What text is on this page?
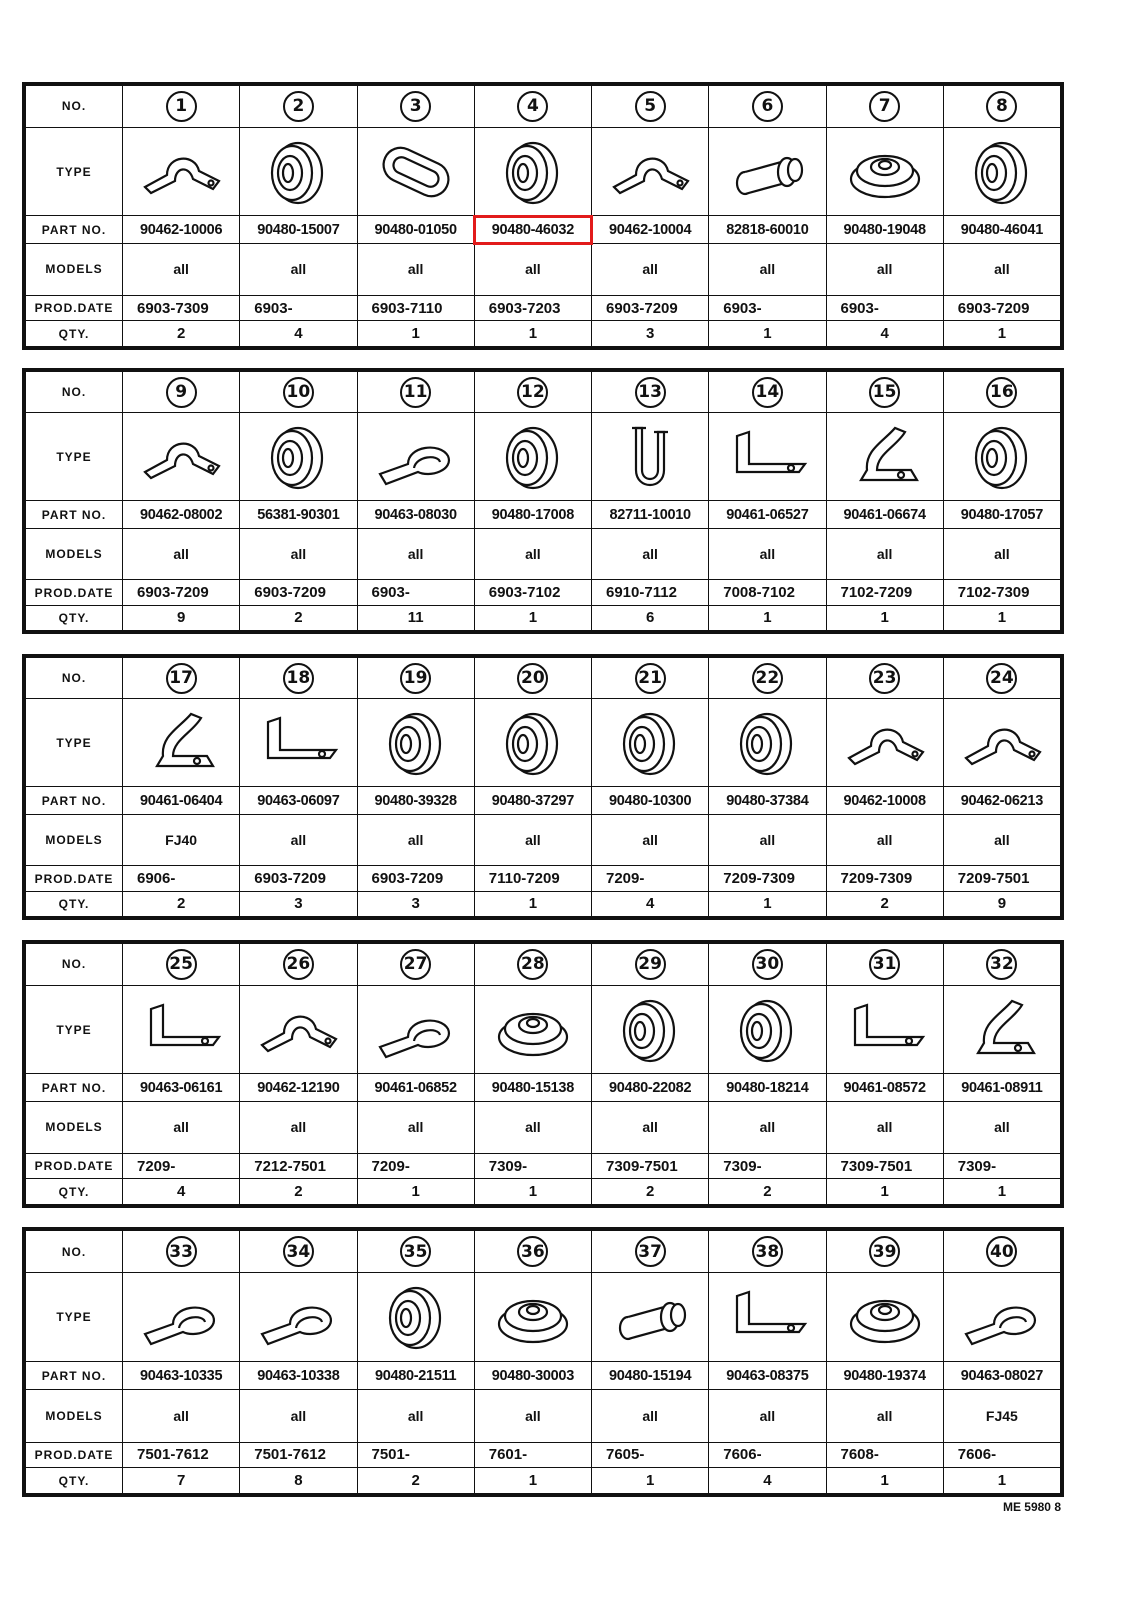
NO.	1	2	3	4	5	6	7	8
TYPE	

PART NO.	90462-10006	90480-15007	90480-01050	90480-46032	90462-10004	82818-60010	90480-19048	90480-46041
MODELS	all	all	all	all	all	all	all	all
PROD.DATE	6903-7309	6903-	6903-7110	6903-7203	6903-7209	6903-	6903-	6903-7209
QTY.	2	4	1	1	3	1	4	1
NO.	9	10	11	12	13	14	15	16
TYPE	

PART NO.	90462-08002	56381-90301	90463-08030	90480-17008	82711-10010	90461-06527	90461-06674	90480-17057
MODELS	all	all	all	all	all	all	all	all
PROD.DATE	6903-7209	6903-7209	6903-	6903-7102	6910-7112	7008-7102	7102-7209	7102-7309
QTY.	9	2	11	1	6	1	1	1
NO.	17	18	19	20	21	22	23	24
TYPE	

PART NO.	90461-06404	90463-06097	90480-39328	90480-37297	90480-10300	90480-37384	90462-10008	90462-06213
MODELS	FJ40	all	all	all	all	all	all	all
PROD.DATE	6906-	6903-7209	6903-7209	7110-7209	7209-	7209-7309	7209-7309	7209-7501
QTY.	2	3	3	1	4	1	2	9
NO.	25	26	27	28	29	30	31	32
TYPE	

PART NO.	90463-06161	90462-12190	90461-06852	90480-15138	90480-22082	90480-18214	90461-08572	90461-08911
MODELS	all	all	all	all	all	all	all	all
PROD.DATE	7209-	7212-7501	7209-	7309-	7309-7501	7309-	7309-7501	7309-
QTY.	4	2	1	1	2	2	1	1
NO.	33	34	35	36	37	38	39	40
TYPE	

PART NO.	90463-10335	90463-10338	90480-21511	90480-30003	90480-15194	90463-08375	90480-19374	90463-08027
MODELS	all	all	all	all	all	all	all	FJ45
PROD.DATE	7501-7612	7501-7612	7501-	7601-	7605-	7606-	7608-	7606-
QTY.	7	8	2	1	1	4	1	1
ME 5980 8
